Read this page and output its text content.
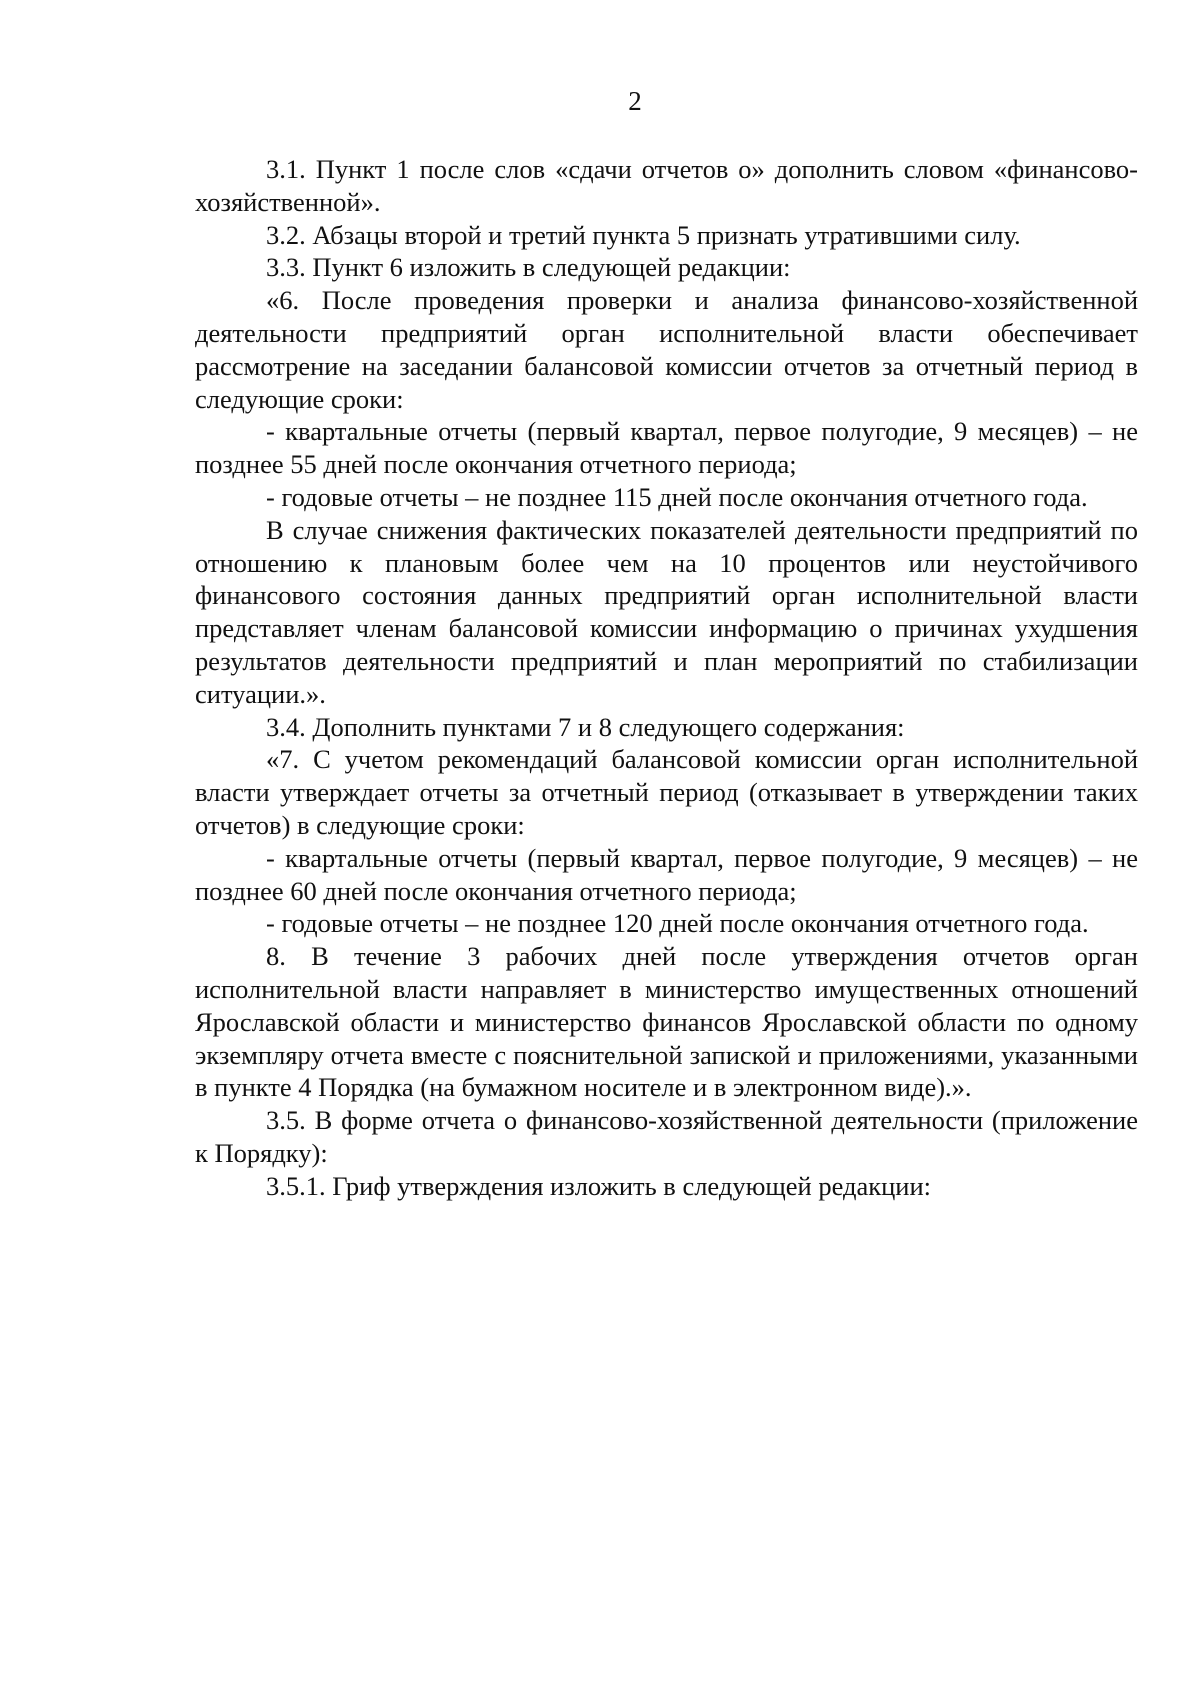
2

3.1. Пункт 1 после слов «сдачи отчетов о» дополнить словом «финансово-хозяйственной».

3.2. Абзацы второй и третий пункта 5 признать утратившими силу.

3.3. Пункт 6 изложить в следующей редакции:

«6. После проведения проверки и анализа финансово-хозяйственной деятельности предприятий орган исполнительной власти обеспечивает рассмотрение на заседании балансовой комиссии отчетов за отчетный период в следующие сроки:

- квартальные отчеты (первый квартал, первое полугодие, 9 месяцев) – не позднее 55 дней после окончания отчетного периода;

- годовые отчеты – не позднее 115 дней после окончания отчетного года.

В случае снижения фактических показателей деятельности предприятий по отношению к плановым более чем на 10 процентов или неустойчивого финансового состояния данных предприятий орган исполнительной власти представляет членам балансовой комиссии информацию о причинах ухудшения результатов деятельности предприятий и план мероприятий по стабилизации ситуации.».

3.4. Дополнить пунктами 7 и 8 следующего содержания:

«7. С учетом рекомендаций балансовой комиссии орган исполнительной власти утверждает отчеты за отчетный период (отказывает в утверждении таких отчетов) в следующие сроки:

- квартальные отчеты (первый квартал, первое полугодие, 9 месяцев) – не позднее 60 дней после окончания отчетного периода;

- годовые отчеты – не позднее 120 дней после окончания отчетного года.

8. В течение 3 рабочих дней после утверждения отчетов орган исполнительной власти направляет в министерство имущественных отношений Ярославской области и министерство финансов Ярославской области по одному экземпляру отчета вместе с пояснительной запиской и приложениями, указанными в пункте 4 Порядка (на бумажном носителе и в электронном виде).».

3.5. В форме отчета о финансово-хозяйственной деятельности (приложение к Порядку):

3.5.1. Гриф утверждения изложить в следующей редакции:
